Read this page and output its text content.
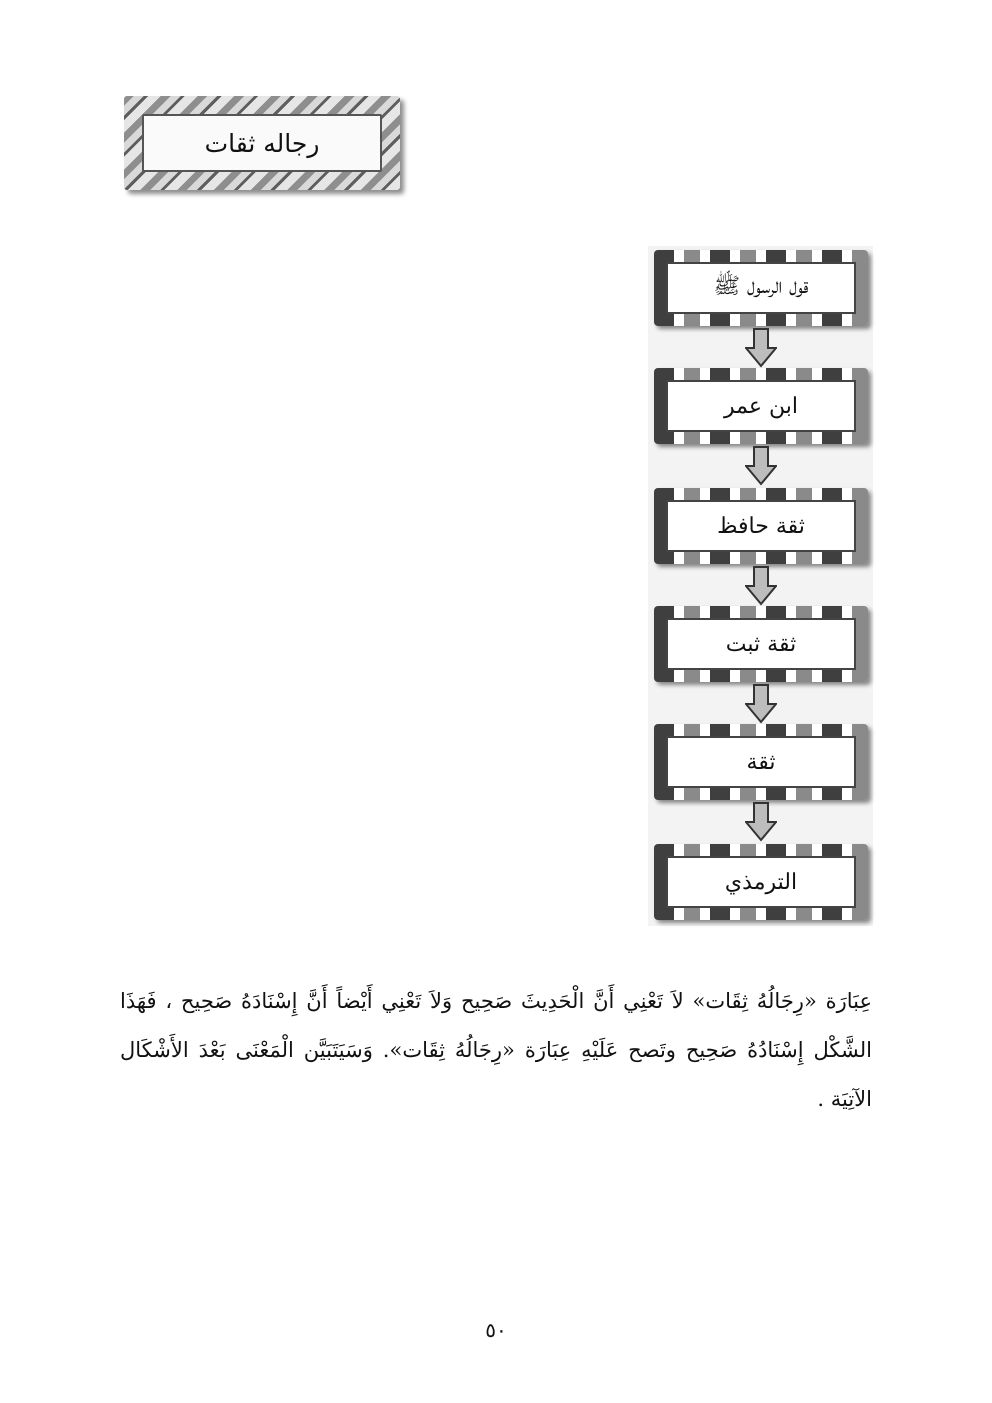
رجاله ثقات
قول الرسول ﷺ
ابن عمر
ثقة حافظ
ثقة ثبت
ثقة
الترمذي

عِبَارَة «رِجَالُهُ ثِقَات» لاَ تَعْنِي أَنَّ الْحَدِيثَ صَحِيح وَلاَ تَعْنِي أَيْضاً أَنَّ إِسْنَادَهُ صَحِيح ، فَهَذَا الشَّكْل إِسْنَادُهُ صَحِيح وتَصح عَلَيْهِ عِبَارَة «رِجَالُهُ ثِقَات». وَسَيَتَبَيَّن الْمَعْنَى بَعْدَ الأَشْكَال الآتِيَة .

٥٠
